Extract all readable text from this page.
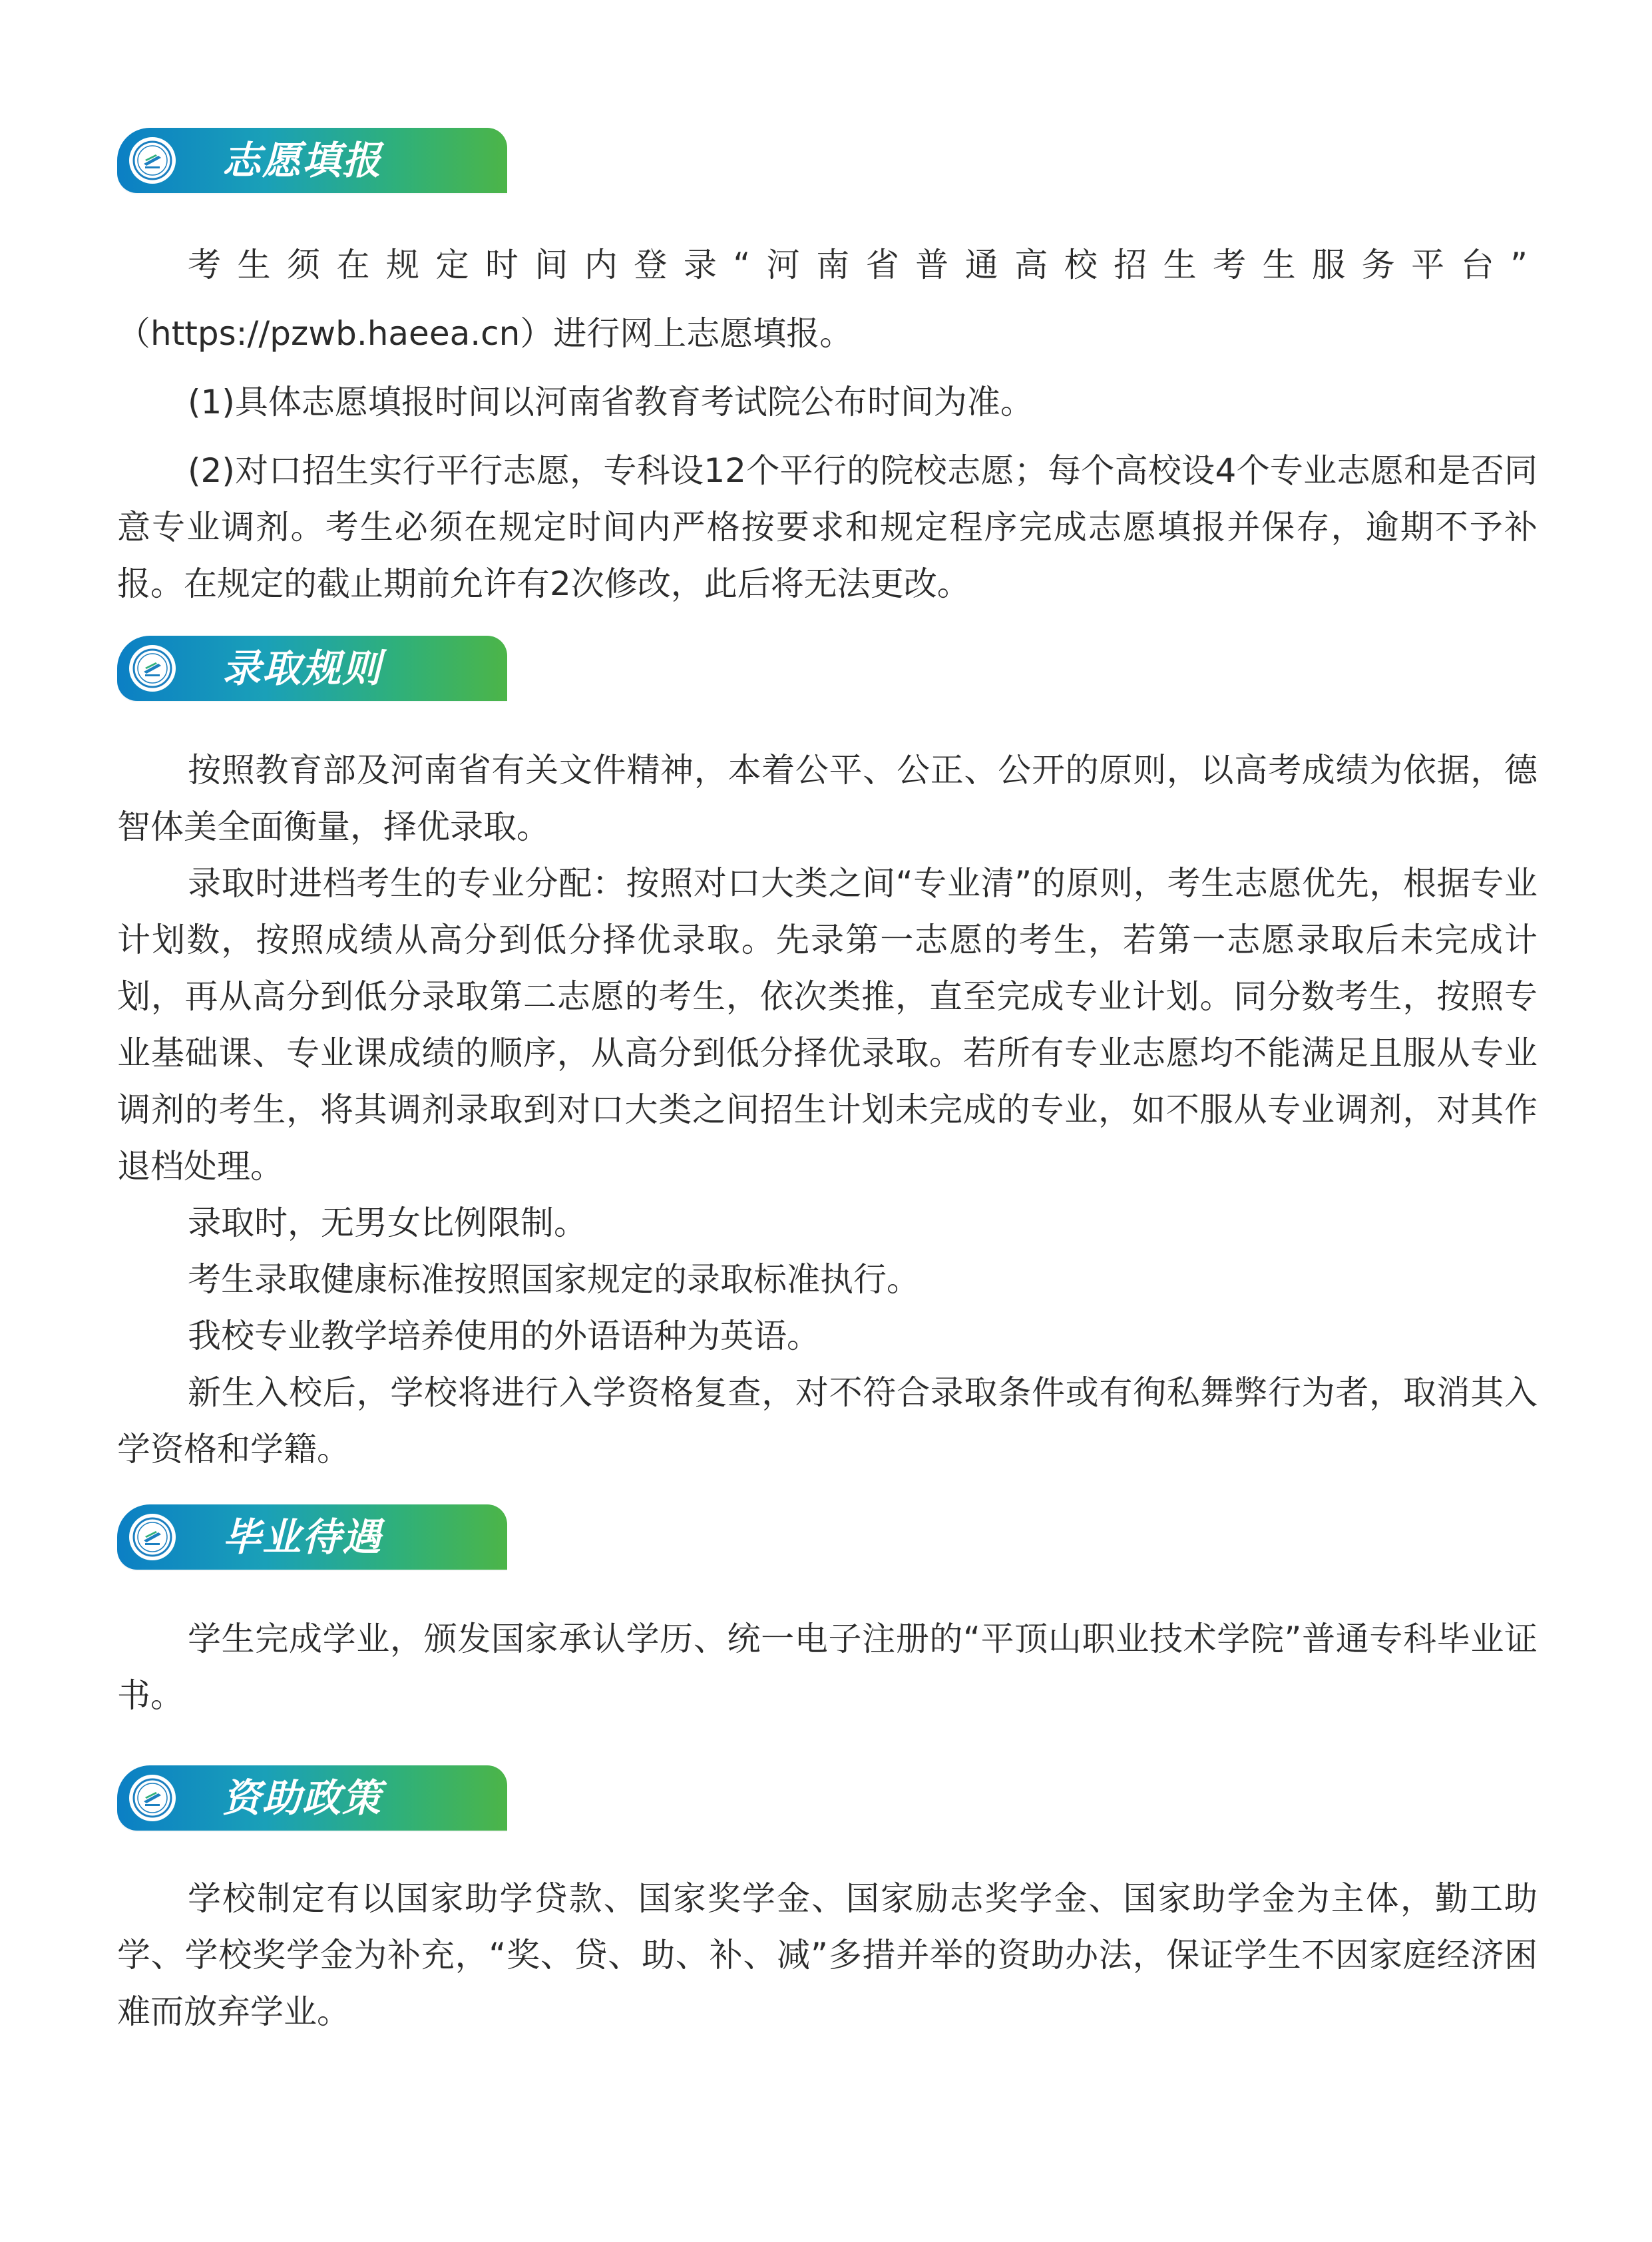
志愿填报

考生须在规定时间内登录“河南省普通高校招生考生服务平台”

（https://pzwb.haeea.cn）进行网上志愿填报。

(1)具体志愿填报时间以河南省教育考试院公布时间为准。

(2)对口招生实行平行志愿，专科设12个平行的院校志愿；每个高校设4个专业志愿和是否同意专业调剂。考生必须在规定时间内严格按要求和规定程序完成志愿填报并保存，逾期不予补报。在规定的截止期前允许有2次修改，此后将无法更改。

录取规则

按照教育部及河南省有关文件精神，本着公平、公正、公开的原则，以高考成绩为依据，德智体美全面衡量，择优录取。

录取时进档考生的专业分配：按照对口大类之间“专业清”的原则，考生志愿优先，根据专业计划数，按照成绩从高分到低分择优录取。先录第一志愿的考生，若第一志愿录取后未完成计划，再从高分到低分录取第二志愿的考生，依次类推，直至完成专业计划。同分数考生，按照专业基础课、专业课成绩的顺序，从高分到低分择优录取。若所有专业志愿均不能满足且服从专业调剂的考生，将其调剂录取到对口大类之间招生计划未完成的专业，如不服从专业调剂，对其作退档处理。

录取时，无男女比例限制。

考生录取健康标准按照国家规定的录取标准执行。

我校专业教学培养使用的外语语种为英语。

新生入校后，学校将进行入学资格复查，对不符合录取条件或有徇私舞弊行为者，取消其入学资格和学籍。

毕业待遇

学生完成学业，颁发国家承认学历、统一电子注册的“平顶山职业技术学院”普通专科毕业证书。

资助政策

学校制定有以国家助学贷款、国家奖学金、国家励志奖学金、国家助学金为主体，勤工助学、学校奖学金为补充，“奖、贷、助、补、减”多措并举的资助办法，保证学生不因家庭经济困难而放弃学业。
